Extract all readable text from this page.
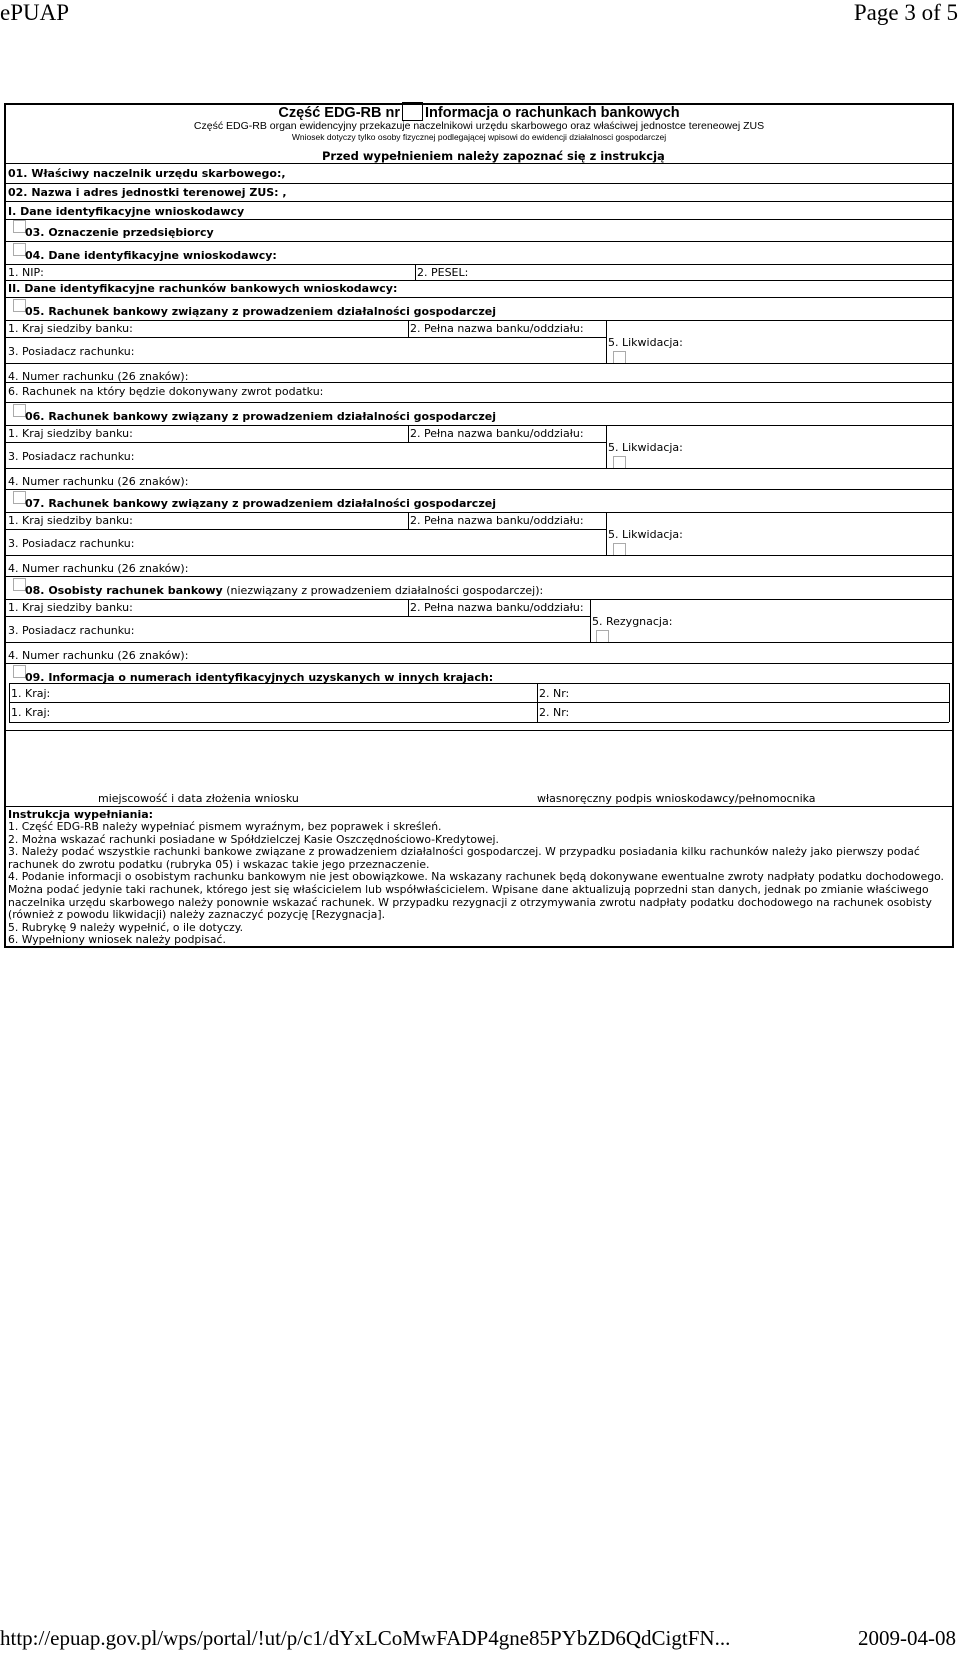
ePUAP	Page 3 of 5
Część EDG-RB nr Informacja o rachunkach bankowych
Część EDG-RB organ ewidencyjny przekazuje naczelnikowi urzędu skarbowego oraz właściwej jednostce tereneowej ZUS
Wniosek dotyczy tylko osoby fizycznej podlegającej wpisowi do ewidencji działalnosci gospodarczej
Przed wypełnieniem należy zapoznać się z instrukcją
01. Właściwy naczelnik urzędu skarbowego:,
02. Nazwa i adres jednostki terenowej ZUS: ,
I. Dane identyfikacyjne wnioskodawcy
03. Oznaczenie przedsiębiorcy
04. Dane identyfikacyjne wnioskodawcy:
1. NIP:	2. PESEL:
II. Dane identyfikacyjne rachunków bankowych wnioskodawcy:
05. Rachunek bankowy związany z prowadzeniem działalności gospodarczej
1. Kraj siedziby banku:	2. Pełna nazwa banku/oddziału:
3. Posiadacz rachunku:
5. Likwidacja:
4. Numer rachunku (26 znaków):
6. Rachunek na który będzie dokonywany zwrot podatku:
06. Rachunek bankowy związany z prowadzeniem działalności gospodarczej
1. Kraj siedziby banku:	2. Pełna nazwa banku/oddziału:
3. Posiadacz rachunku:
5. Likwidacja:
4. Numer rachunku (26 znaków):
07. Rachunek bankowy związany z prowadzeniem działalności gospodarczej
1. Kraj siedziby banku:	2. Pełna nazwa banku/oddziału:
3. Posiadacz rachunku:
5. Likwidacja:
4. Numer rachunku (26 znaków):
08. Osobisty rachunek bankowy (niezwiązany z prowadzeniem działalności gospodarczej):
1. Kraj siedziby banku:	2. Pełna nazwa banku/oddziału:
3. Posiadacz rachunku:
5. Rezygnacja:
4. Numer rachunku (26 znaków):
09. Informacja o numerach identyfikacyjnych uzyskanych w innych krajach:
1. Kraj:	2. Nr:
1. Kraj:	2. Nr:
miejscowość i data złożenia wniosku	własnoręczny podpis wnioskodawcy/pełnomocnika
Instrukcja wypełniania:
1. Część EDG-RB należy wypełniać pismem wyraźnym, bez poprawek i skreśleń.
2. Można wskazać rachunki posiadane w Spółdzielczej Kasie Oszczędnościowo-Kredytowej.
3. Należy podać wszystkie rachunki bankowe związane z prowadzeniem działalności gospodarczej. W przypadku posiadania kilku rachunków należy jako pierwszy podać rachunek do zwrotu podatku (rubryka 05) i wskazac takie jego przeznaczenie.
4. Podanie informacji o osobistym rachunku bankowym nie jest obowiązkowe. Na wskazany rachunek będą dokonywane ewentualne zwroty nadpłaty podatku dochodowego. Można podać jedynie taki rachunek, którego jest się właścicielem lub współwłaścicielem. Wpisane dane aktualizują poprzedni stan danych, jednak po zmianie właściwego naczelnika urzędu skarbowego należy ponownie wskazać rachunek. W przypadku rezygnacji z otrzymywania zwrotu nadpłaty podatku dochodowego na rachunek osobisty (również z powodu likwidacji) należy zaznaczyć pozycję [Rezygnacja].
5. Rubrykę 9 należy wypełnić, o ile dotyczy.
6. Wypełniony wniosek należy podpisać.
http://epuap.gov.pl/wps/portal/!ut/p/c1/dYxLCoMwFADP4gne85PYbZD6QdCigtFN...	2009-04-08
